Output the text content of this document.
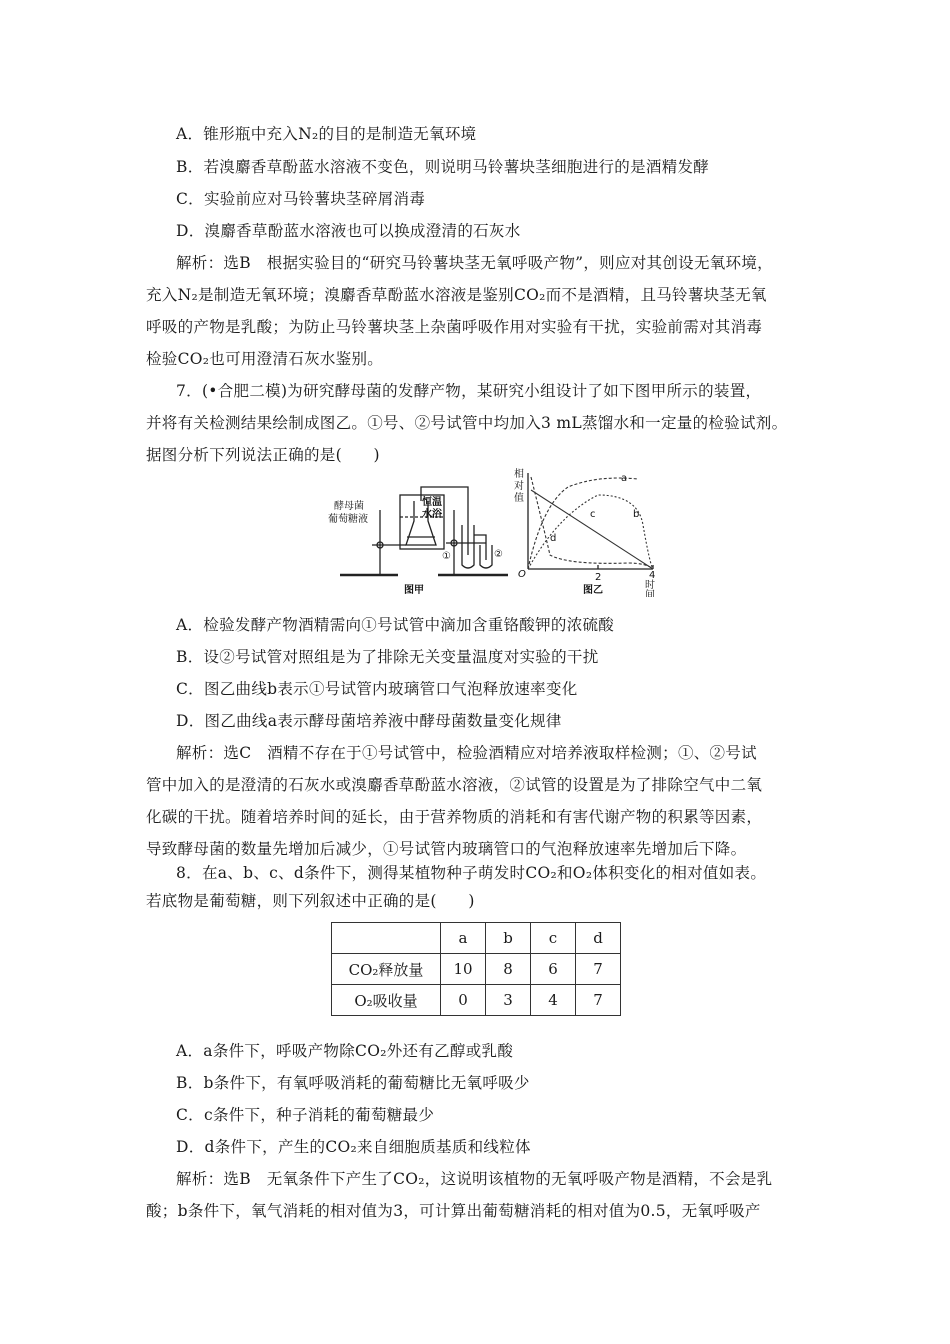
A．锥形瓶中充入N₂的目的是制造无氧环境
B．若溴麝香草酚蓝水溶液不变色，则说明马铃薯块茎细胞进行的是酒精发酵
C．实验前应对马铃薯块茎碎屑消毒
D．溴麝香草酚蓝水溶液也可以换成澄清的石灰水
解析：选B　根据实验目的“研究马铃薯块茎无氧呼吸产物”，则应对其创设无氧环境，
充入N₂是制造无氧环境；溴麝香草酚蓝水溶液是鉴别CO₂而不是酒精，且马铃薯块茎无氧
呼吸的产物是乳酸；为防止马铃薯块茎上杂菌呼吸作用对实验有干扰，实验前需对其消毒
检验CO₂也可用澄清石灰水鉴别。
7．(•合肥二模)为研究酵母菌的发酵产物，某研究小组设计了如下图甲所示的装置，
并将有关检测结果绘制成图乙。①号、②号试管中均加入3 mL蒸馏水和一定量的检验试剂。
据图分析下列说法正确的是(　　)
酵母菌
葡萄糖液
恒温
水浴
①	②
图甲	图乙
相
对
值
O	2	4
时
间
a
b
c
d
A．检验发酵产物酒精需向①号试管中滴加含重铬酸钾的浓硫酸
B．设②号试管对照组是为了排除无关变量温度对实验的干扰
C．图乙曲线b表示①号试管内玻璃管口气泡释放速率变化
D．图乙曲线a表示酵母菌培养液中酵母菌数量变化规律
解析：选C　酒精不存在于①号试管中，检验酒精应对培养液取样检测；①、②号试
管中加入的是澄清的石灰水或溴麝香草酚蓝水溶液，②试管的设置是为了排除空气中二氧
化碳的干扰。随着培养时间的延长，由于营养物质的消耗和有害代谢产物的积累等因素，
导致酵母菌的数量先增加后减少，①号试管内玻璃管口的气泡释放速率先增加后下降。
8．在a、b、c、d条件下，测得某植物种子萌发时CO₂和O₂体积变化的相对值如表。
若底物是葡萄糖，则下列叙述中正确的是(　　)
	a	b	c	d
CO₂释放量	10	8	6	7
O₂吸收量	0	3	4	7
A．a条件下，呼吸产物除CO₂外还有乙醇或乳酸
B．b条件下，有氧呼吸消耗的葡萄糖比无氧呼吸少
C．c条件下，种子消耗的葡萄糖最少
D．d条件下，产生的CO₂来自细胞质基质和线粒体
解析：选B　无氧条件下产生了CO₂，这说明该植物的无氧呼吸产物是酒精，不会是乳
酸；b条件下，氧气消耗的相对值为3，可计算出葡萄糖消耗的相对值为0.5，无氧呼吸产
